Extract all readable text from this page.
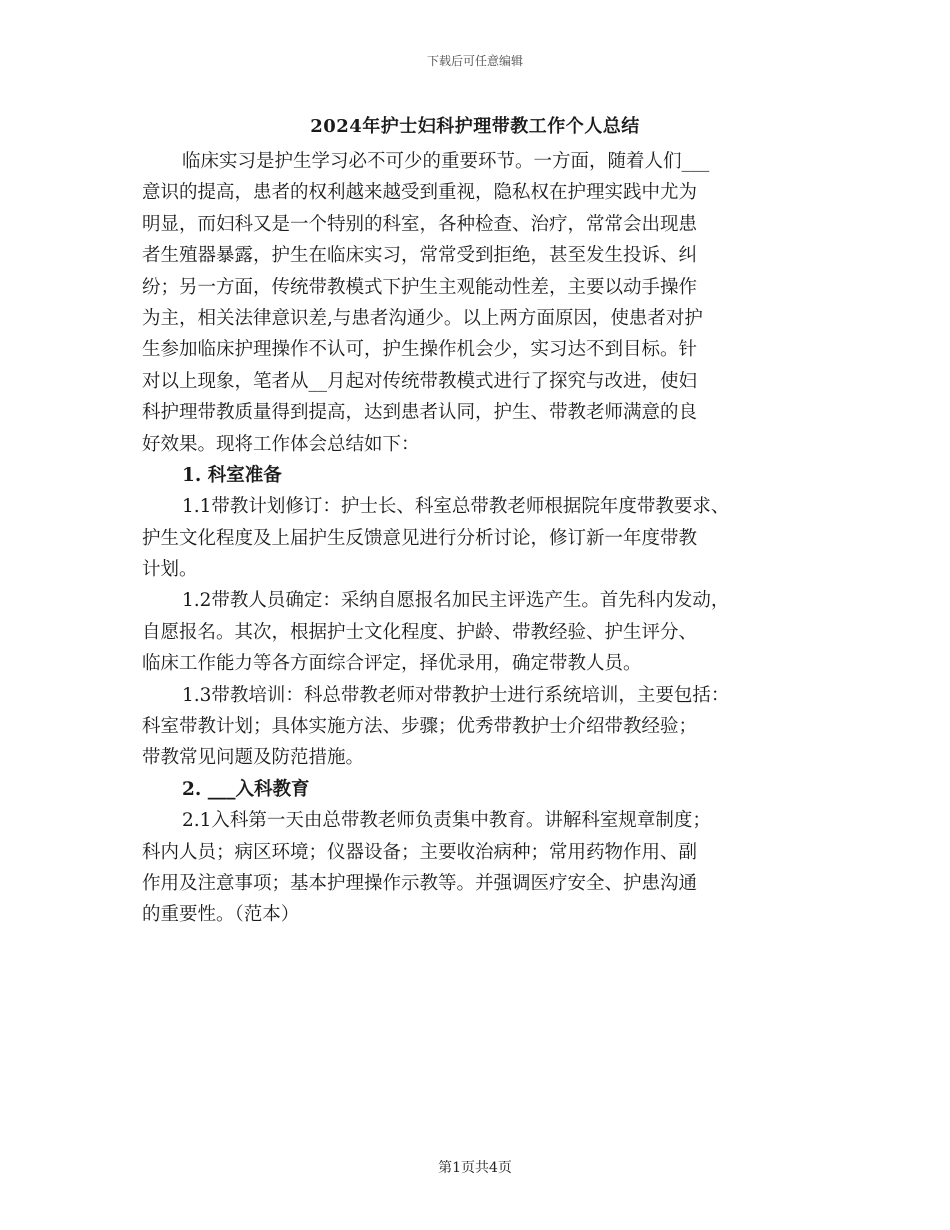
下载后可任意编辑
2024年护士妇科护理带教工作个人总结
临床实习是护生学习必不可少的重要环节。一方面，随着人们___
意识的提高，患者的权利越来越受到重视，隐私权在护理实践中尤为
明显，而妇科又是一个特别的科室，各种检查、治疗，常常会出现患
者生殖器暴露，护生在临床实习，常常受到拒绝，甚至发生投诉、纠
纷；另一方面，传统带教模式下护生主观能动性差，主要以动手操作
为主，相关法律意识差,与患者沟通少。以上两方面原因，使患者对护
生参加临床护理操作不认可，护生操作机会少，实习达不到目标。针
对以上现象，笔者从__月起对传统带教模式进行了探究与改进，使妇
科护理带教质量得到提高，达到患者认同，护生、带教老师满意的良
好效果。现将工作体会总结如下：
1. 科室准备
1.1带教计划修订：护士长、科室总带教老师根据院年度带教要求、
护生文化程度及上届护生反馈意见进行分析讨论，修订新一年度带教
计划。
1.2带教人员确定：采纳自愿报名加民主评选产生。首先科内发动，
自愿报名。其次，根据护士文化程度、护龄、带教经验、护生评分、
临床工作能力等各方面综合评定，择优录用，确定带教人员。
1.3带教培训：科总带教老师对带教护士进行系统培训，主要包括：
科室带教计划；具体实施方法、步骤；优秀带教护士介绍带教经验；
带教常见问题及防范措施。
2. ___入科教育
2.1入科第一天由总带教老师负责集中教育。讲解科室规章制度；
科内人员；病区环境；仪器设备；主要收治病种；常用药物作用、副
作用及注意事项；基本护理操作示教等。并强调医疗安全、护患沟通
的重要性。（范本）
第1页共4页
